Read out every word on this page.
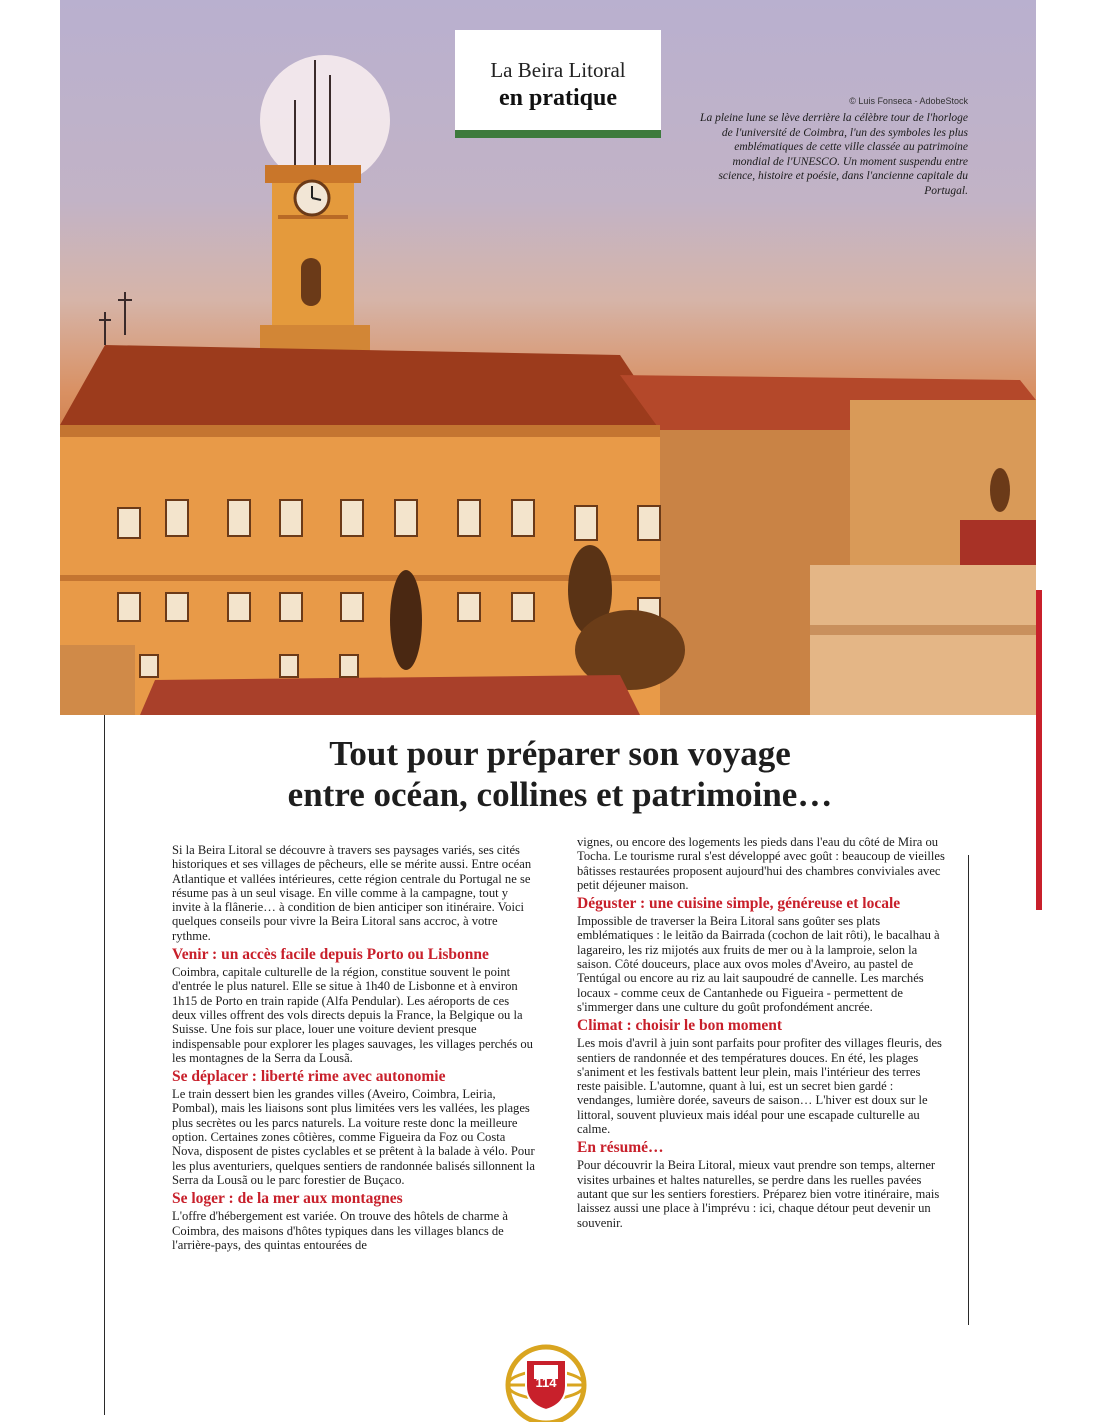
La Beira Litoral
en pratique	© Luis Fonseca - AdobeStock
La pleine lune se lève derrière la célèbre tour de l'horloge de l'université de Coimbra, l'un des symboles les plus emblématiques de cette ville classée au patrimoine mondial de l'UNESCO. Un moment suspendu entre science, histoire et poésie, dans l'ancienne capitale du Portugal.
Tout pour préparer son voyage
entre océan, collines et patrimoine…

Si la Beira Litoral se découvre à travers ses paysages variés, ses cités historiques et ses villages de pêcheurs, elle se mérite aussi. Entre océan Atlantique et vallées intérieures, cette région centrale du Portugal ne se résume pas à un seul visage. En ville comme à la campagne, tout y invite à la flânerie… à condition de bien anticiper son itinéraire. Voici quelques conseils pour vivre la Beira Litoral sans accroc, à votre rythme.

Venir : un accès facile depuis Porto ou Lisbonne

Coimbra, capitale culturelle de la région, constitue souvent le point d'entrée le plus naturel. Elle se situe à 1h40 de Lisbonne et à environ 1h15 de Porto en train rapide (Alfa Pendular). Les aéroports de ces deux villes offrent des vols directs depuis la France, la Belgique ou la Suisse. Une fois sur place, louer une voiture devient presque indispensable pour explorer les plages sauvages, les villages perchés ou les montagnes de la Serra da Lousã.

Se déplacer : liberté rime avec autonomie

Le train dessert bien les grandes villes (Aveiro, Coimbra, Leiria, Pombal), mais les liaisons sont plus limitées vers les vallées, les plages plus secrètes ou les parcs naturels. La voiture reste donc la meilleure option. Certaines zones côtières, comme Figueira da Foz ou Costa Nova, disposent de pistes cyclables et se prêtent à la balade à vélo. Pour les plus aventuriers, quelques sentiers de randonnée balisés sillonnent la Serra da Lousã ou le parc forestier de Buçaco.

Se loger : de la mer aux montagnes

L'offre d'hébergement est variée. On trouve des hôtels de charme à Coimbra, des maisons d'hôtes typiques dans les villages blancs de l'arrière-pays, des quintas entourées de

vignes, ou encore des logements les pieds dans l'eau du côté de Mira ou Tocha. Le tourisme rural s'est développé avec goût : beaucoup de vieilles bâtisses restaurées proposent aujourd'hui des chambres conviviales avec petit déjeuner maison.

Déguster : une cuisine simple, généreuse et locale

Impossible de traverser la Beira Litoral sans goûter ses plats emblématiques : le leitão da Bairrada (cochon de lait rôti), le bacalhau à lagareiro, les riz mijotés aux fruits de mer ou à la lamproie, selon la saison. Côté douceurs, place aux ovos moles d'Aveiro, au pastel de Tentúgal ou encore au riz au lait saupoudré de cannelle. Les marchés locaux - comme ceux de Cantanhede ou Figueira - permettent de s'immerger dans une culture du goût profondément ancrée.

Climat : choisir le bon moment

Les mois d'avril à juin sont parfaits pour profiter des villages fleuris, des sentiers de randonnée et des températures douces. En été, les plages s'animent et les festivals battent leur plein, mais l'intérieur des terres reste paisible. L'automne, quant à lui, est un secret bien gardé : vendanges, lumière dorée, saveurs de saison… L'hiver est doux sur le littoral, souvent pluvieux mais idéal pour une escapade culturelle au calme.

En résumé…

Pour découvrir la Beira Litoral, mieux vaut prendre son temps, alterner visites urbaines et haltes naturelles, se perdre dans les ruelles pavées autant que sur les sentiers forestiers. Préparez bien votre itinéraire, mais laissez aussi une place à l'imprévu : ici, chaque détour peut devenir un souvenir.

114
